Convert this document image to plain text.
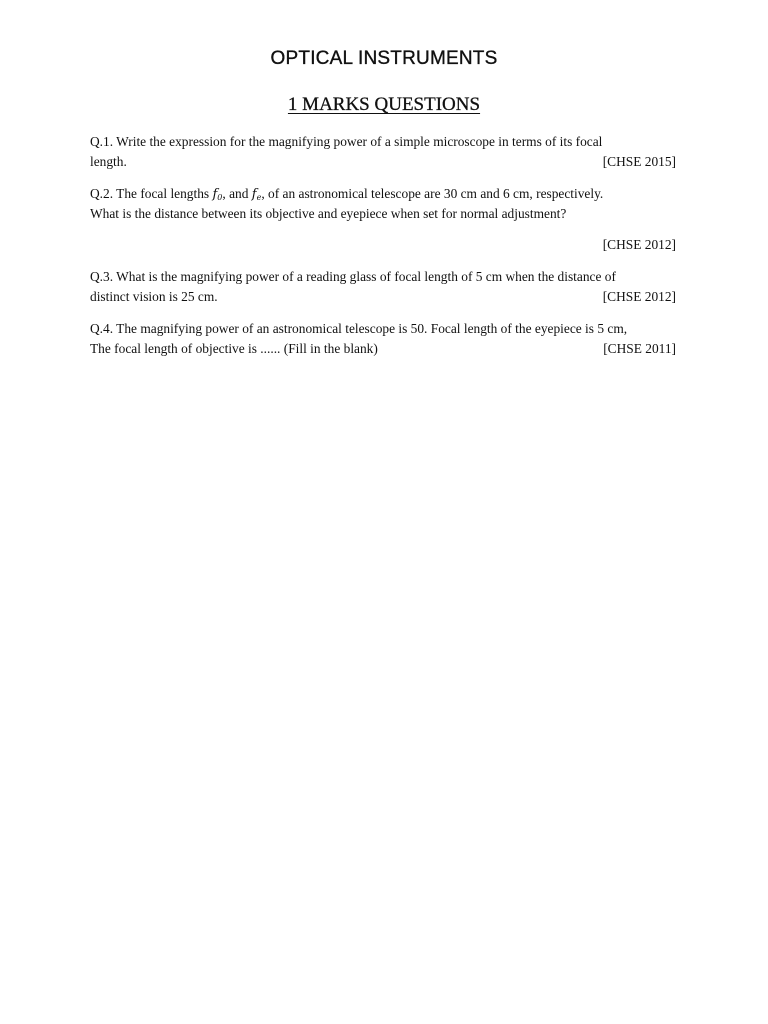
OPTICAL INSTRUMENTS
1 MARKS QUESTIONS
Q.1. Write the expression for the magnifying power of a simple microscope in terms of its focal
length.	[CHSE 2015]
Q.2. The focal lengths $f_0$, and $f_e$, of an astronomical telescope are 30 cm and 6 cm, respectively.
What is the distance between its objective and eyepiece when set for normal adjustment?
[CHSE 2012]
Q.3. What is the magnifying power of a reading glass of focal length of 5 cm when the distance of
distinct vision is 25 cm.	[CHSE 2012]
Q.4. The magnifying power of an astronomical telescope is 50. Focal length of the eyepiece is 5 cm,
The focal length of objective is ...... (Fill in the blank)	[CHSE 2011]
